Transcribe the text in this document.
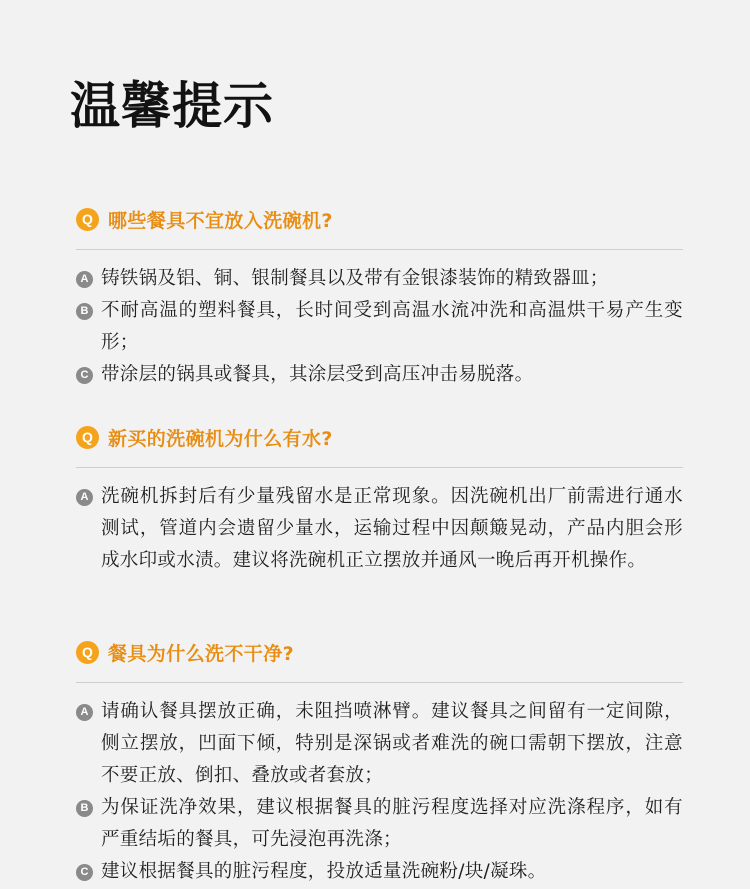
温馨提示
Q 哪些餐具不宜放入洗碗机?
A 铸铁锅及铝、铜、银制餐具以及带有金银漆装饰的精致器皿；
B 不耐高温的塑料餐具，长时间受到高温水流冲洗和高温烘干易产生变形；
C 带涂层的锅具或餐具，其涂层受到高压冲击易脱落。
Q 新买的洗碗机为什么有水?
A 洗碗机拆封后有少量残留水是正常现象。因洗碗机出厂前需进行通水测试，管道内会遗留少量水，运输过程中因颠簸晃动，产品内胆会形成水印或水渍。建议将洗碗机正立摆放并通风一晚后再开机操作。
Q 餐具为什么洗不干净?
A 请确认餐具摆放正确，未阻挡喷淋臂。建议餐具之间留有一定间隙，侧立摆放，凹面下倾，特别是深锅或者难洗的碗口需朝下摆放，注意不要正放、倒扣、叠放或者套放；
B 为保证洗净效果，建议根据餐具的脏污程度选择对应洗涤程序，如有严重结垢的餐具，可先浸泡再洗涤；
C 建议根据餐具的脏污程度，投放适量洗碗粉/块/凝珠。
